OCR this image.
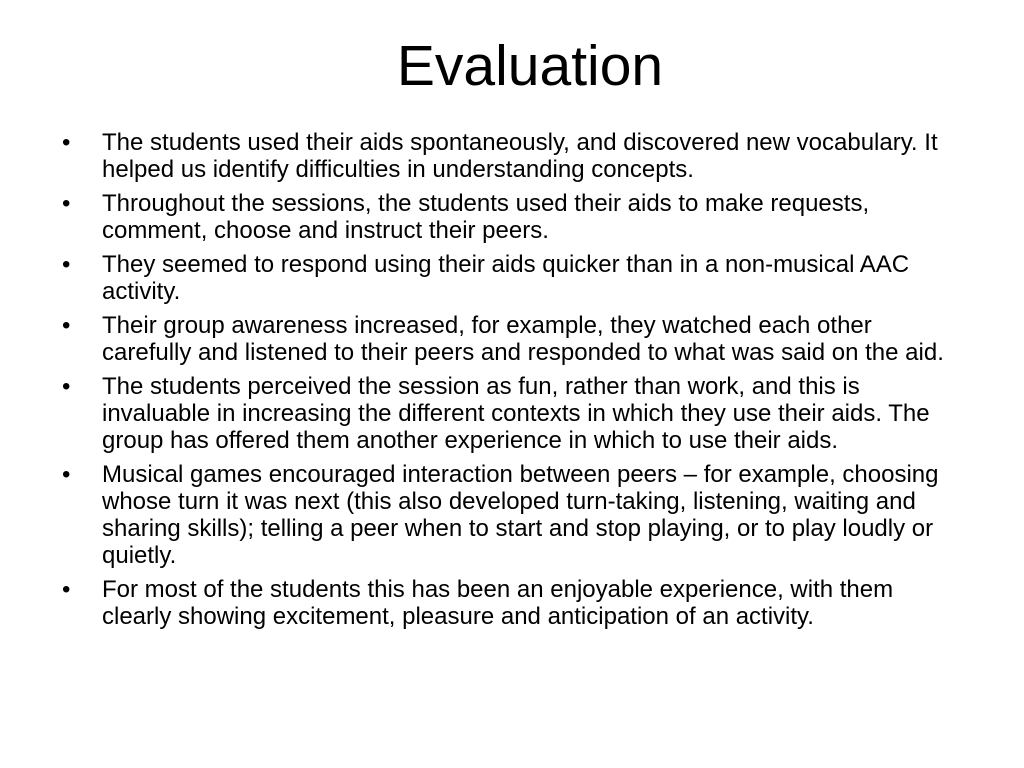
Evaluation
• The students used their aids spontaneously, and discovered new vocabulary. It helped us identify difficulties in understanding concepts.
• Throughout the sessions, the students used their aids to make requests, comment, choose and instruct their peers.
• They seemed to respond using their aids quicker than in a non-musical AAC activity.
• Their group awareness increased, for example, they watched each other carefully and listened to their peers and responded to what was said on the aid.
• The students perceived the session as fun, rather than work, and this is invaluable in increasing the different contexts in which they use their aids. The group has offered them another experience in which to use their aids.
• Musical games encouraged interaction between peers – for example, choosing whose turn it was next (this also developed turn-taking, listening, waiting and sharing skills); telling a peer when to start and stop playing, or to play loudly or quietly.
• For most of the students this has been an enjoyable experience, with them clearly showing excitement, pleasure and anticipation of an activity.
